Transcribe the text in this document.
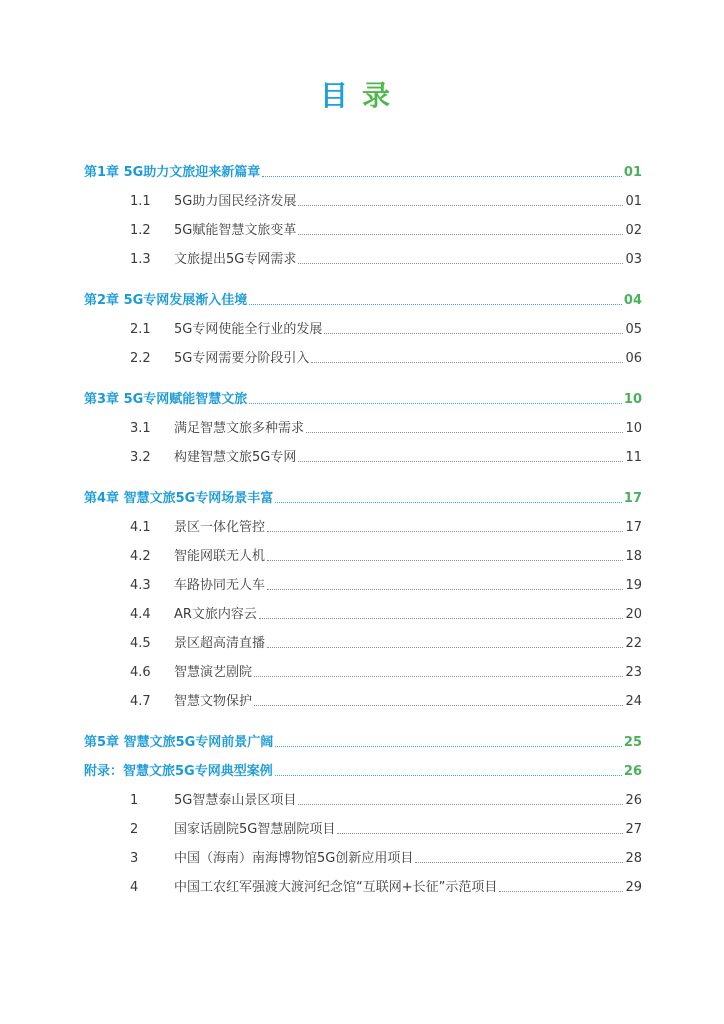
目录
第1章 5G助力文旅迎来新篇章	01
1.1	5G助力国民经济发展	01
1.2	5G赋能智慧文旅变革	02
1.3	文旅提出5G专网需求	03
第2章 5G专网发展渐入佳境	04
2.1	5G专网使能全行业的发展	05
2.2	5G专网需要分阶段引入	06
第3章 5G专网赋能智慧文旅	10
3.1	满足智慧文旅多种需求	10
3.2	构建智慧文旅5G专网	11
第4章 智慧文旅5G专网场景丰富	17
4.1	景区一体化管控	17
4.2	智能网联无人机	18
4.3	车路协同无人车	19
4.4	AR文旅内容云	20
4.5	景区超高清直播	22
4.6	智慧演艺剧院	23
4.7	智慧文物保护	24
第5章 智慧文旅5G专网前景广阔	25
附录：智慧文旅5G专网典型案例	26
1	5G智慧泰山景区项目	26
2	国家话剧院5G智慧剧院项目	27
3	中国（海南）南海博物馆5G创新应用项目	28
4	中国工农红军强渡大渡河纪念馆“互联网+长征”示范项目	29
